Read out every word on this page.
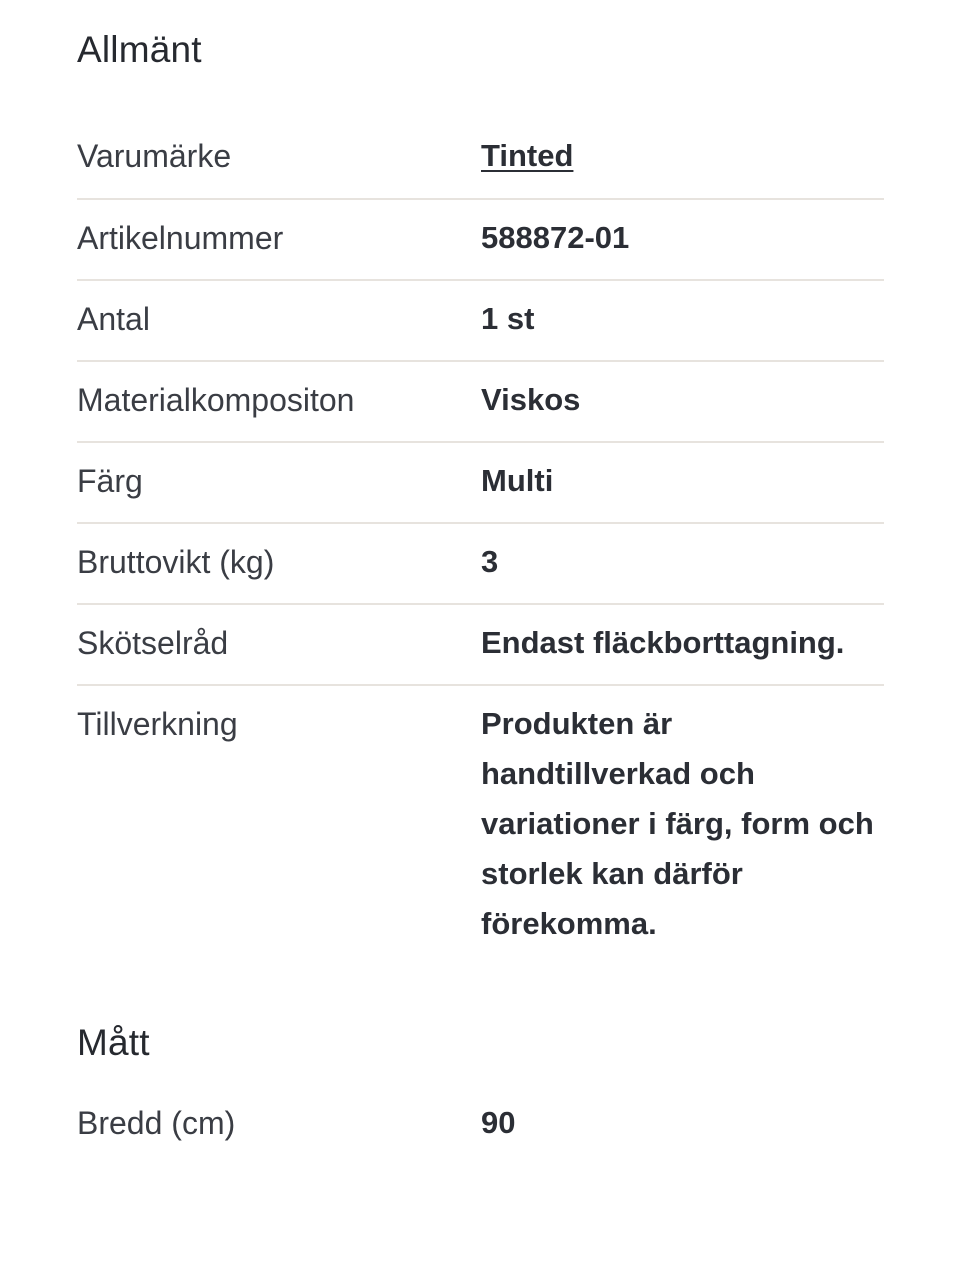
Allmänt
Varumärke	Tinted
Artikelnummer	588872-01
Antal	1 st
Materialkompositon	Viskos
Färg	Multi
Bruttovikt (kg)	3
Skötselråd	Endast fläckborttagning.
Tillverkning	Produkten är handtillverkad och variationer i färg, form och storlek kan därför förekomma.
Mått
Bredd (cm)	90
